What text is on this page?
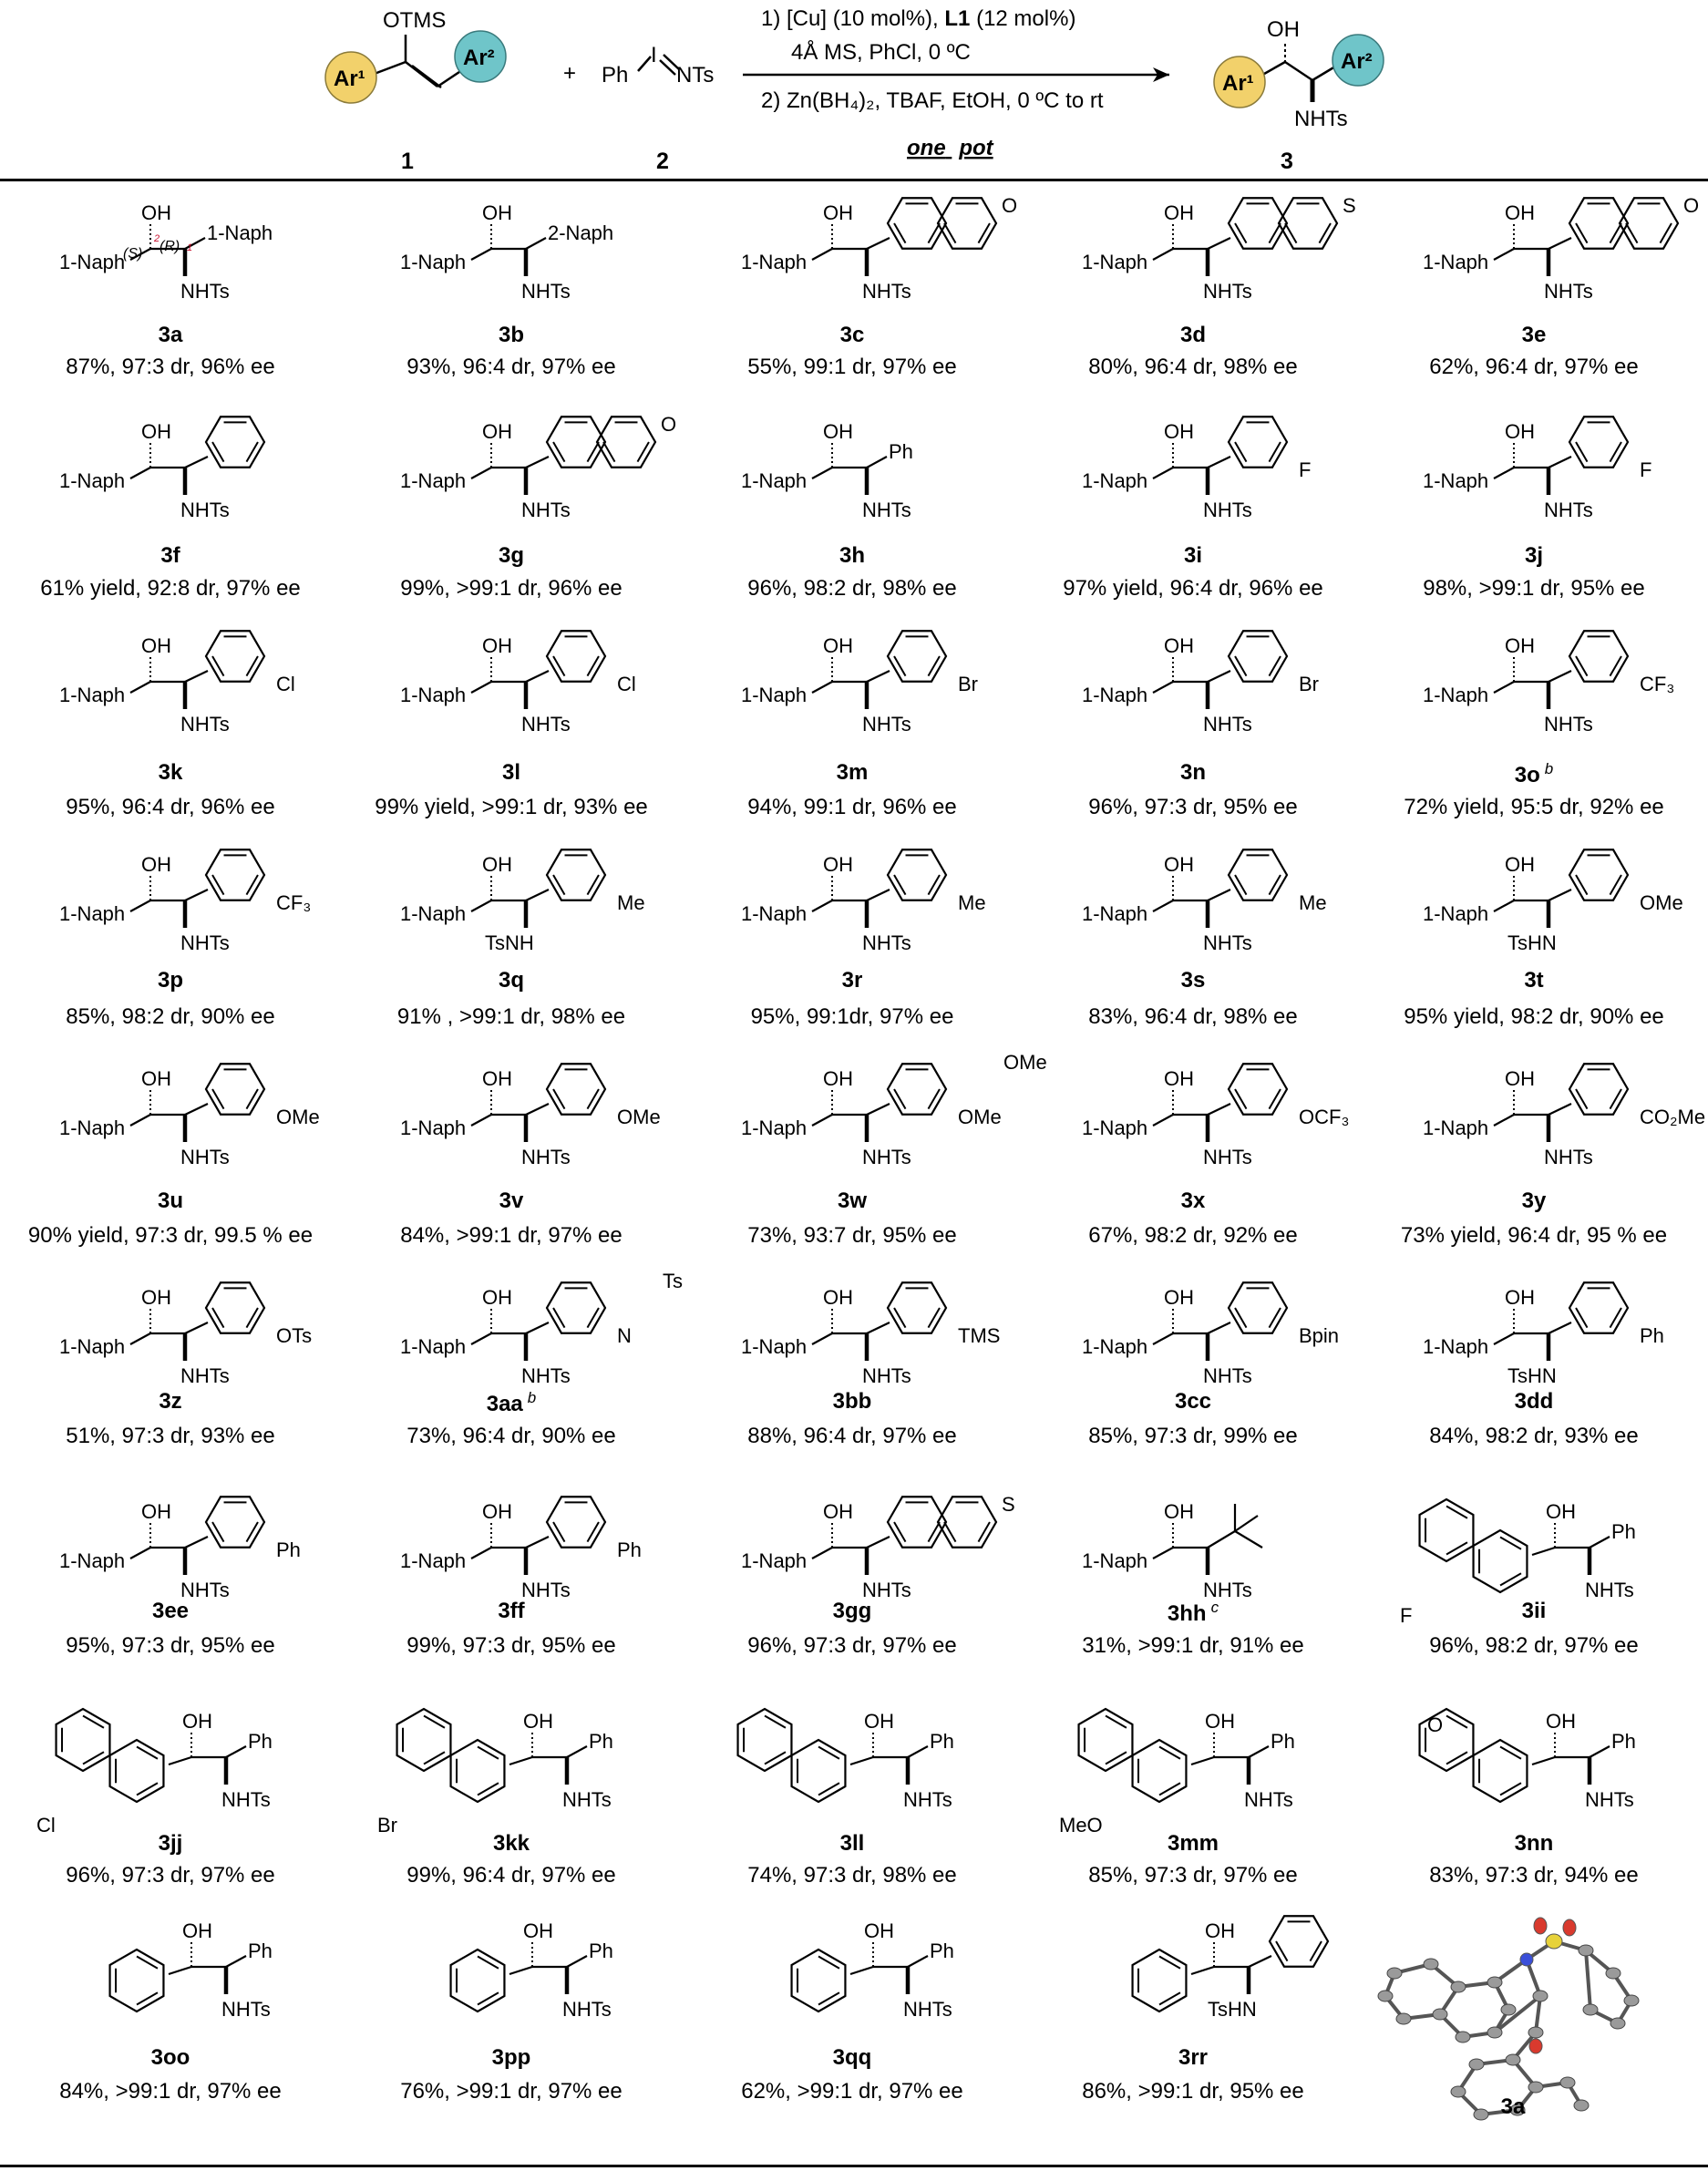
OTMS
Ar¹
Ar²
1
+ Ph
I
NTs
2
1) [Cu] (10 mol%), L1 (12 mol%)
4Å MS, PhCl, 0 ºC
2) Zn(BH₄)₂, TBAF, EtOH, 0 ºC to rt
one pot
OH
Ar¹
Ar²
NHTs
3
OH
NHTs
1-Naph
1-Naph
(S) (R)
2
1
3a
87%, 97:3 dr, 96% ee
OH
NHTs
1-Naph
2-Naph
3b
93%, 96:4 dr, 97% ee
OH
NHTs
1-Naph
O
3c
55%, 99:1 dr, 97% ee
OH
NHTs
1-Naph
S
3d
80%, 96:4 dr, 98% ee
OH
NHTs
1-Naph
O
3e
62%, 96:4 dr, 97% ee
OH
NHTs
1-Naph
3f
61% yield, 92:8 dr, 97% ee
OH
NHTs
1-Naph
O
3g
99%, >99:1 dr, 96% ee
OH
NHTs
1-Naph
Ph
3h
96%, 98:2 dr, 98% ee
OH
NHTs
1-Naph	F
3i
97% yield, 96:4 dr, 96% ee
OH
NHTs
1-Naph	F
3j
98%, >99:1 dr, 95% ee
OH
NHTs
1-Naph	Cl
3k
95%, 96:4 dr, 96% ee
OH
NHTs
1-Naph	Cl
3l
99% yield, >99:1 dr, 93% ee
OH
NHTs
1-Naph	Br
3m
94%, 99:1 dr, 96% ee
OH
NHTs
1-Naph	Br
3n
96%, 97:3 dr, 95% ee
OH
NHTs
1-Naph	CF₃
3o $^b$
72% yield, 95:5 dr, 92% ee
OH
NHTs
1-Naph	CF₃
3p
85%, 98:2 dr, 90% ee
OH
TsNH
1-Naph	Me
3q
91% , >99:1 dr, 98% ee
OH
NHTs
1-Naph	Me
3r
95%, 99:1dr, 97% ee
OH
NHTs
1-Naph	Me
3s
83%, 96:4 dr, 98% ee
OH
TsHN
1-Naph	OMe
3t
95% yield, 98:2 dr, 90% ee
OH
NHTs
1-Naph	OMe
3u
90% yield, 97:3 dr, 99.5 % ee
OH
NHTs
1-Naph	OMe
3v
84%, >99:1 dr, 97% ee
OH
NHTs
1-Naph	OMe
OMe
3w
73%, 93:7 dr, 95% ee
OH
NHTs
1-Naph	OCF₃
3x
67%, 98:2 dr, 92% ee
OH
NHTs
1-Naph	CO₂Me
3y
73% yield, 96:4 dr, 95 % ee
OH
NHTs
1-Naph	OTs
3z
51%, 97:3 dr, 93% ee
OH
NHTs
1-Naph	N
Ts
3aa $^b$
73%, 96:4 dr, 90% ee
OH
NHTs
1-Naph	TMS
3bb
88%, 96:4 dr, 97% ee
OH
NHTs
1-Naph	Bpin
3cc
85%, 97:3 dr, 99% ee
OH
TsHN
1-Naph	Ph
3dd
84%, 98:2 dr, 93% ee
OH
NHTs
1-Naph	Ph
3ee
95%, 97:3 dr, 95% ee
OH
NHTs
1-Naph	Ph
3ff
99%, 97:3 dr, 95% ee
OH
NHTs
1-Naph
S
3gg
96%, 97:3 dr, 97% ee
OH
NHTs
1-Naph
3hh $^c$
31%, >99:1 dr, 91% ee
OH
NHTs
Ph
F	3ii
96%, 98:2 dr, 97% ee
OH
NHTs
Ph
Cl
3jj
96%, 97:3 dr, 97% ee
OH
NHTs
Ph
Br
3kk
99%, 96:4 dr, 97% ee
OH
NHTs
Ph
3ll
74%, 97:3 dr, 98% ee
OH
NHTs
Ph
MeO
3mm
85%, 97:3 dr, 97% ee
OH
NHTs
Ph
O
3nn
83%, 97:3 dr, 94% ee
OH
NHTs
Ph
3oo
84%, >99:1 dr, 97% ee
OH
NHTs
Ph
3pp
76%, >99:1 dr, 97% ee
OH
NHTs
Ph
3qq
62%, >99:1 dr, 97% ee
OH
TsHN
3rr
86%, >99:1 dr, 95% ee
3a
